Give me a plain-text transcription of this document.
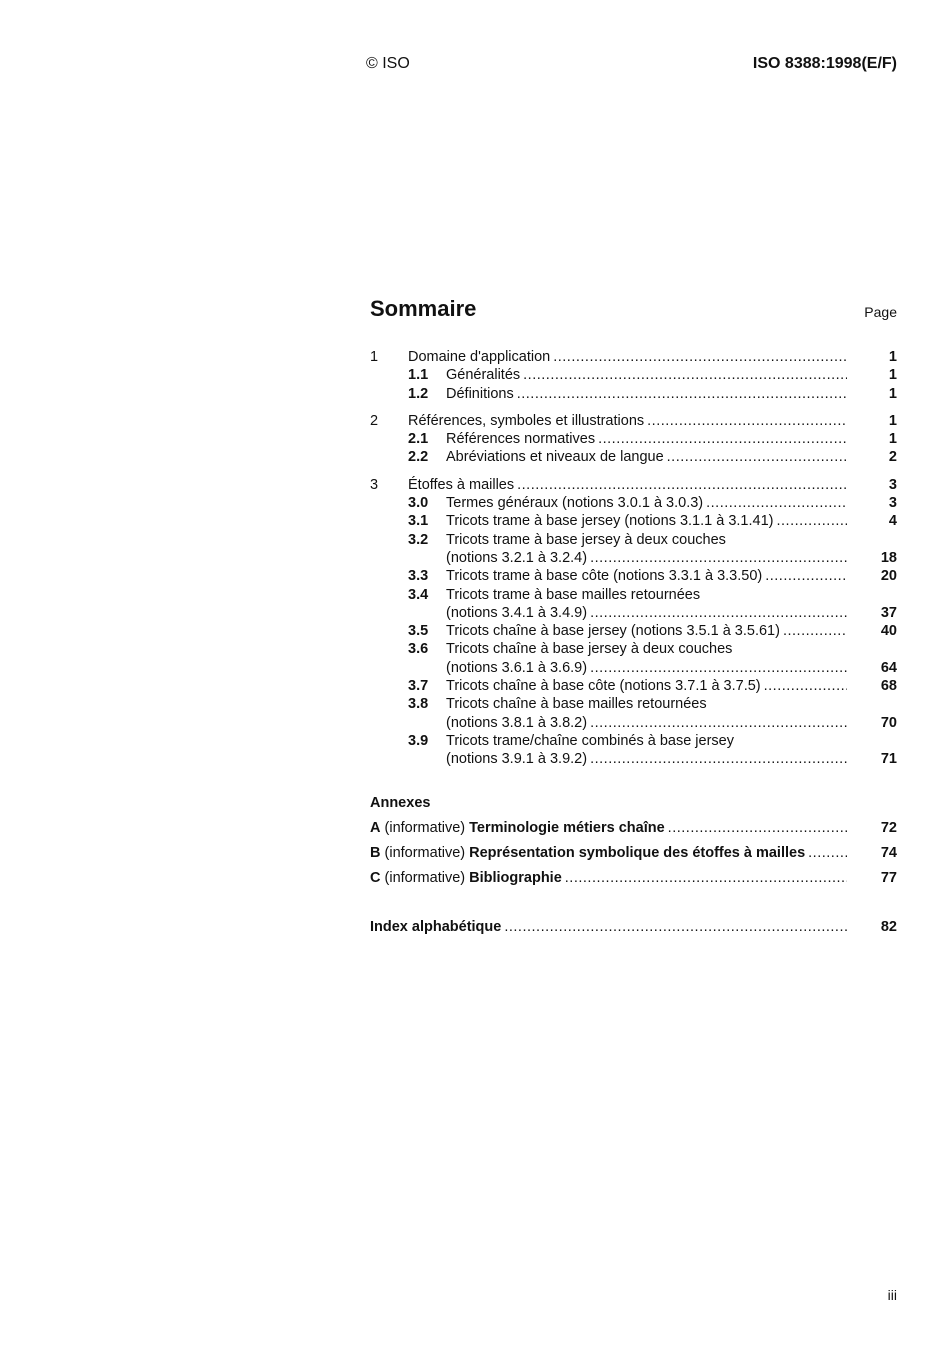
© ISO	ISO 8388:1998(E/F)
Sommaire	Page
1	Domaine d'application .....	1
1.1	Généralités .....	1
1.2	Définitions .....	1
2	Références, symboles et illustrations .....	1
2.1	Références normatives .....	1
2.2	Abréviations et niveaux de langue .....	2
3	Étoffes à mailles .....	3
3.0	Termes généraux (notions 3.0.1 à 3.0.3) .....	3
3.1	Tricots trame à base jersey (notions 3.1.1 à 3.1.41) .....	4
3.2	Tricots trame à base jersey à deux couches
(notions 3.2.1 à 3.2.4) .....	18
3.3	Tricots trame à base côte (notions 3.3.1 à 3.3.50) .....	20
3.4	Tricots trame à base mailles retournées
(notions 3.4.1 à 3.4.9) .....	37
3.5	Tricots chaîne à base jersey (notions 3.5.1 à 3.5.61) .....	40
3.6	Tricots chaîne à base jersey à deux couches
(notions 3.6.1 à 3.6.9) .....	64
3.7	Tricots chaîne à base côte (notions 3.7.1 à 3.7.5) .....	68
3.8	Tricots chaîne à base mailles retournées
(notions 3.8.1 à 3.8.2) .....	70
3.9	Tricots trame/chaîne combinés à base jersey
(notions 3.9.1 à 3.9.2) .....	71
Annexes
A (informative) Terminologie métiers chaîne .....	72
B (informative) Représentation symbolique des étoffes à mailles .....	74
C (informative) Bibliographie .....	77
Index alphabétique .....	82
iii
